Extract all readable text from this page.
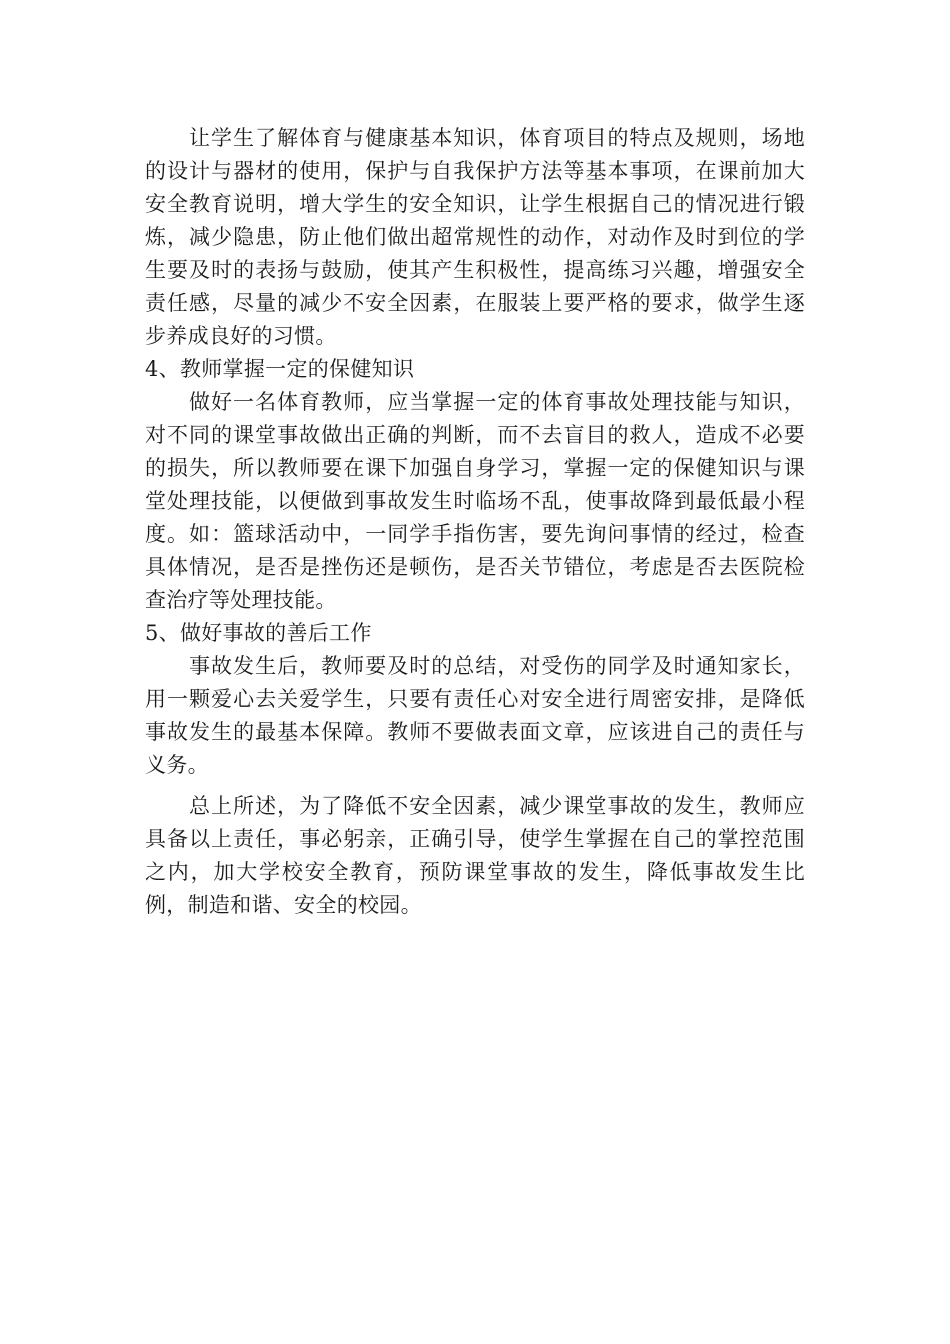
让学生了解体育与健康基本知识，体育项目的特点及规则，场地的设计与器材的使用，保护与自我保护方法等基本事项，在课前加大安全教育说明，增大学生的安全知识，让学生根据自己的情况进行锻炼，减少隐患，防止他们做出超常规性的动作，对动作及时到位的学生要及时的表扬与鼓励，使其产生积极性，提高练习兴趣，增强安全责任感，尽量的减少不安全因素，在服装上要严格的要求，做学生逐步养成良好的习惯。

4、教师掌握一定的保健知识

做好一名体育教师，应当掌握一定的体育事故处理技能与知识，对不同的课堂事故做出正确的判断，而不去盲目的救人，造成不必要的损失，所以教师要在课下加强自身学习，掌握一定的保健知识与课堂处理技能，以便做到事故发生时临场不乱，使事故降到最低最小程度。如：篮球活动中，一同学手指伤害，要先询问事情的经过，检查具体情况，是否是挫伤还是顿伤，是否关节错位，考虑是否去医院检查治疗等处理技能。

5、做好事故的善后工作

事故发生后，教师要及时的总结，对受伤的同学及时通知家长，用一颗爱心去关爱学生，只要有责任心对安全进行周密安排，是降低事故发生的最基本保障。教师不要做表面文章，应该进自己的责任与义务。

总上所述，为了降低不安全因素，减少课堂事故的发生，教师应具备以上责任，事必躬亲，正确引导，使学生掌握在自己的掌控范围之内，加大学校安全教育，预防课堂事故的发生，降低事故发生比例，制造和谐、安全的校园。
